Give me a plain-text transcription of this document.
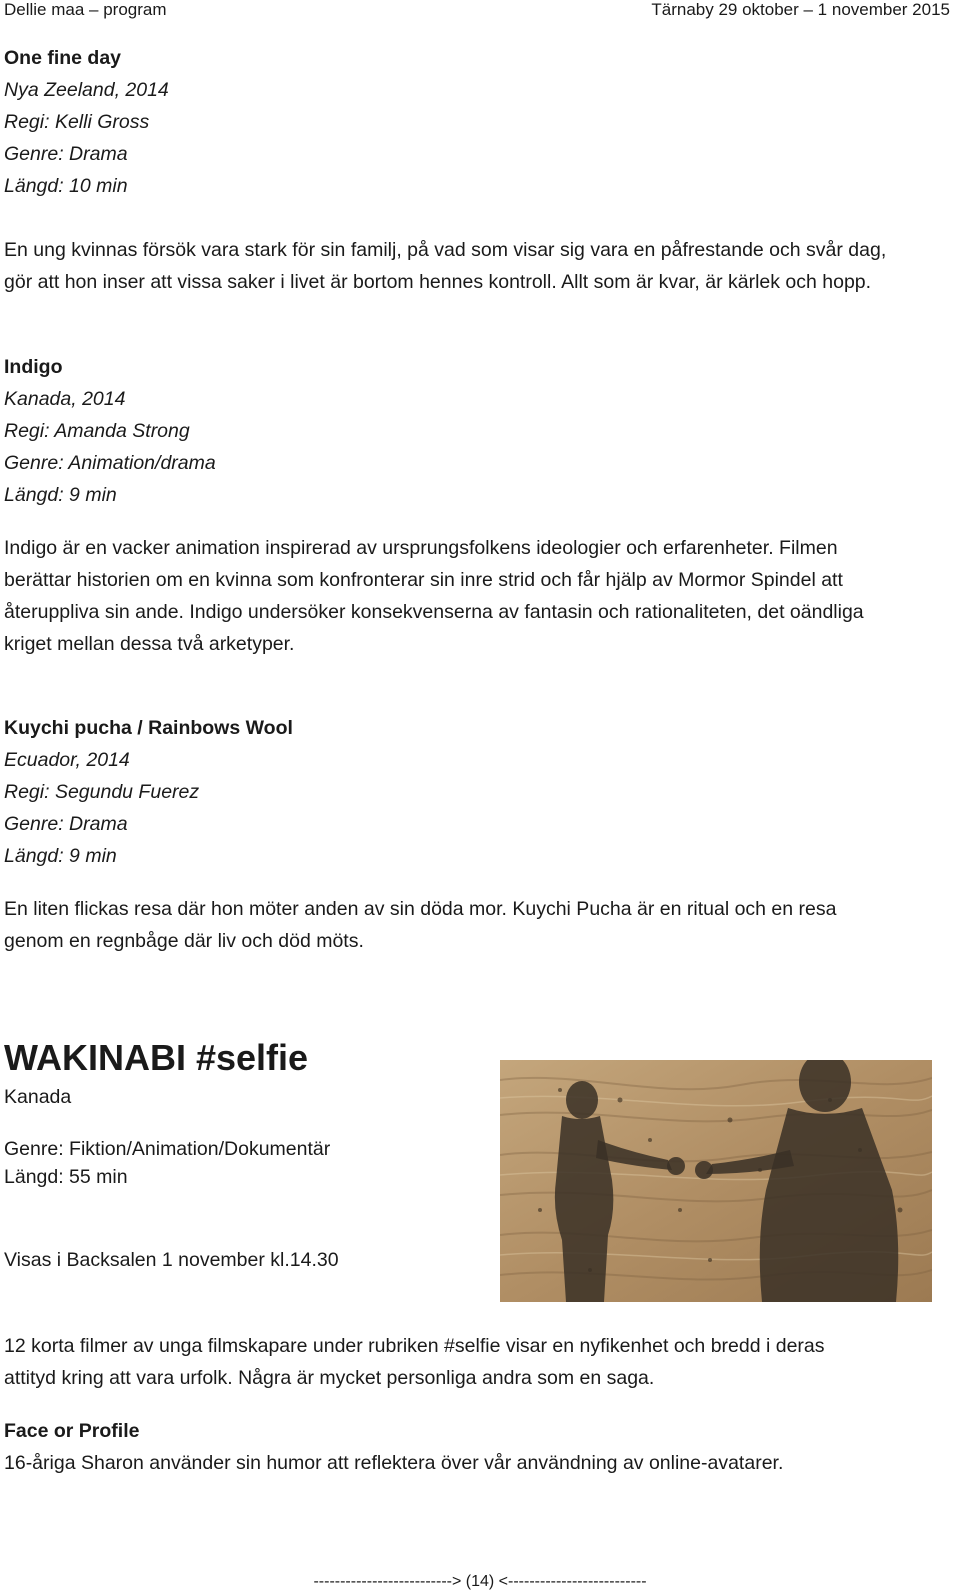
Dellie maa – program	Tärnaby 29 oktober – 1 november 2015
One fine day
Nya Zeeland, 2014
Regi: Kelli Gross
Genre: Drama
Längd: 10 min
En ung kvinnas försök vara stark för sin familj, på vad som visar sig vara en påfrestande och svår dag,
gör att hon inser att vissa saker i livet är bortom hennes kontroll. Allt som är kvar, är kärlek och hopp.
Indigo
Kanada, 2014
Regi: Amanda Strong
Genre: Animation/drama
Längd: 9 min
Indigo är en vacker animation inspirerad av ursprungsfolkens ideologier och erfarenheter. Filmen
berättar historien om en kvinna som konfronterar sin inre strid och får hjälp av Mormor Spindel att
återuppliva sin ande. Indigo undersöker konsekvenserna av fantasin och rationaliteten, det oändliga
kriget mellan dessa två arketyper.
Kuychi pucha / Rainbows Wool
Ecuador, 2014
Regi: Segundu Fuerez
Genre: Drama
Längd: 9 min
En liten flickas resa där hon möter anden av sin döda mor. Kuychi Pucha är en ritual och en resa
genom en regnbåge där liv och död möts.
WAKINABI #selfie
Kanada
Genre: Fiktion/Animation/Dokumentär
Längd: 55 min
Visas i Backsalen 1 november kl.14.30
12 korta filmer av unga filmskapare under rubriken #selfie visar en nyfikenhet och bredd i deras
attityd kring att vara urfolk. Några är mycket personliga andra som en saga.
Face or Profile
16-åriga Sharon använder sin humor att reflektera över vår användning av online-avatarer.
--------------------------> (14) <--------------------------
